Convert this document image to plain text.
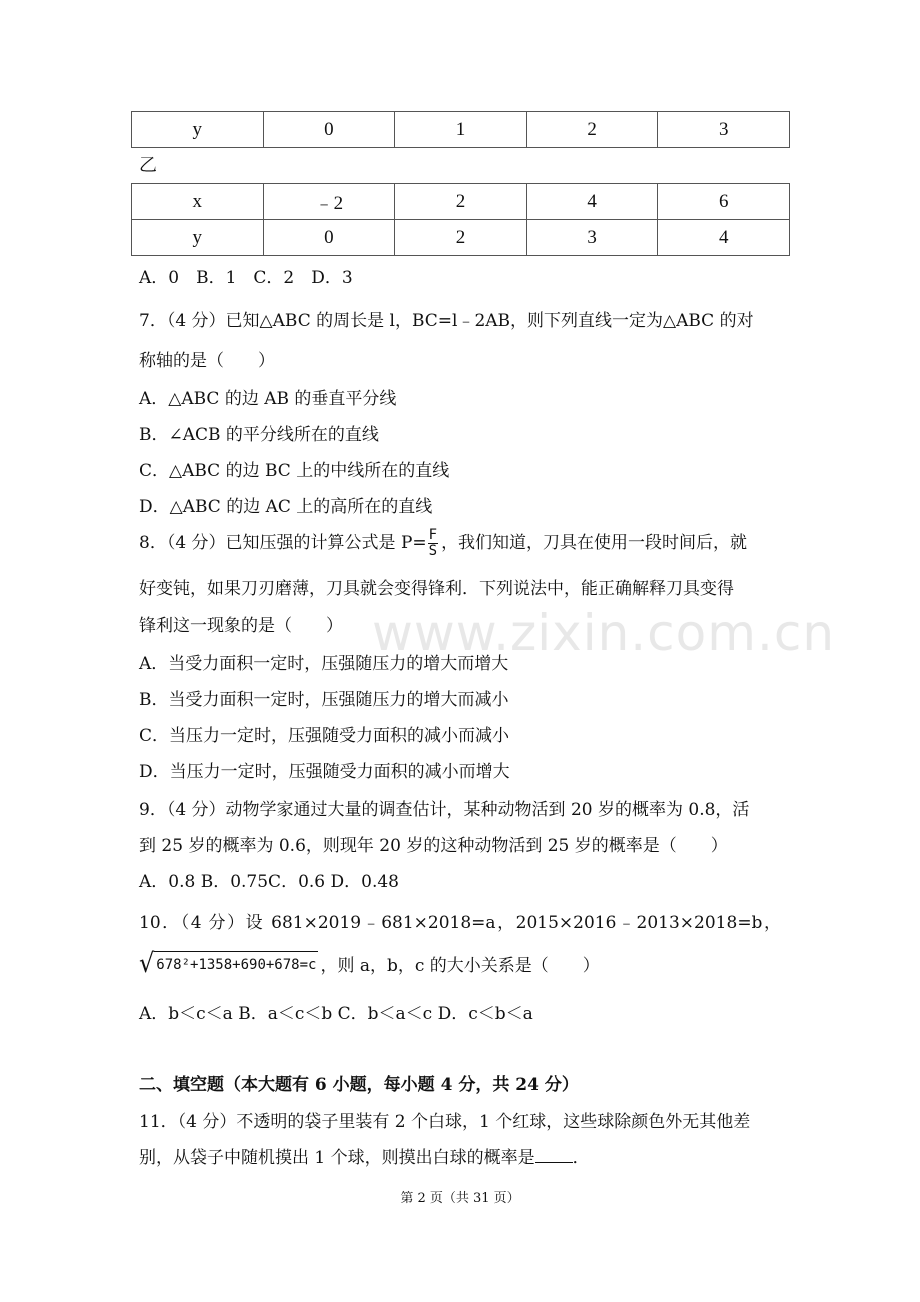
y	0	1	2	3
乙
x	﹣2	2	4	6
y	0	2	3	4
A．0　B．1　C．2　D．3
7．（4 分）已知△ABC 的周长是 l，BC=l﹣2AB，则下列直线一定为△ABC 的对
称轴的是（　　）
A．△ABC 的边 AB 的垂直平分线
B．∠ACB 的平分线所在的直线
C．△ABC 的边 BC 上的中线所在的直线
D．△ABC 的边 AC 上的高所在的直线
8．（4 分）已知压强的计算公式是 $P= \frac{F}{S}$ ，我们知道，刀具在使用一段时间后，就
好变钝，如果刀刃磨薄，刀具就会变得锋利．下列说法中，能正确解释刀具变得
锋利这一现象的是（　　）
A．当受力面积一定时，压强随压力的增大而增大
B．当受力面积一定时，压强随压力的增大而减小
C．当压力一定时，压强随受力面积的减小而减小
D．当压力一定时，压强随受力面积的减小而增大
9．（4 分）动物学家通过大量的调查估计，某种动物活到 20 岁的概率为 0.8，活
到 25 岁的概率为 0.6，则现年 20 岁的这种动物活到 25 岁的概率是（　　）
A．0.8 B．0.75C．0.6 D．0.48
10．（4 分）设 681×2019﹣681×2018=a，2015×2016﹣2013×2018=b，
√ 678²+1358+690+678=c ，则 a，b，c 的大小关系是（　　）
A．b＜c＜a B．a＜c＜b C．b＜a＜c D．c＜b＜a
二、填空题（本大题有 6 小题，每小题 4 分，共 24 分）
11．（4 分）不透明的袋子里装有 2 个白球，1 个红球，这些球除颜色外无其他差
别，从袋子中随机摸出 1 个球，则摸出白球的概率是 ．
www.zixin.com.cn
第 2 页（共 31 页）
